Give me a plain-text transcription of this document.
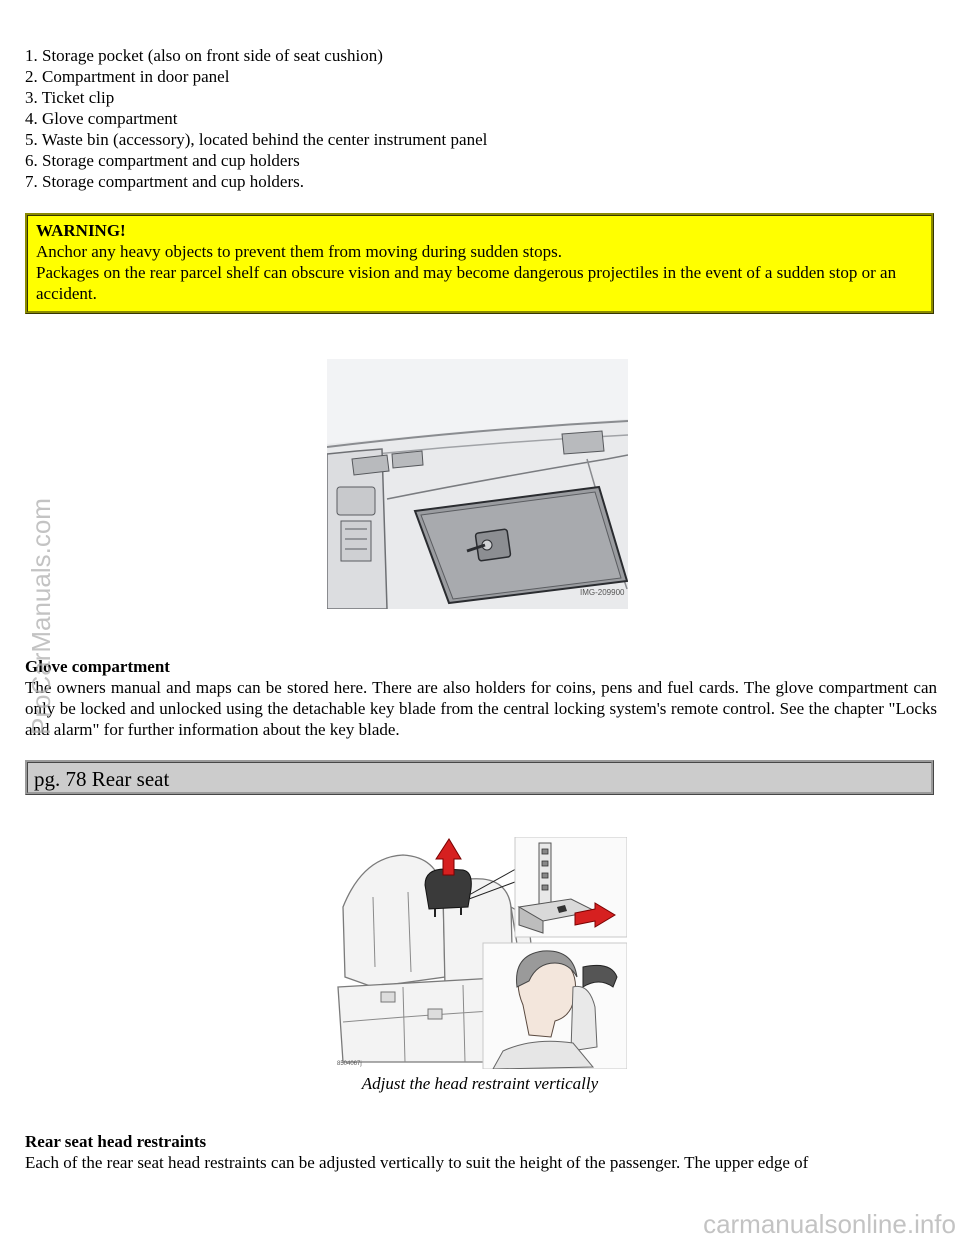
1. Storage pocket (also on front side of seat cushion)
2. Compartment in door panel
3. Ticket clip
4. Glove compartment
5. Waste bin (accessory), located behind the center instrument panel
6. Storage compartment and cup holders
7. Storage compartment and cup holders.
WARNING!
Anchor any heavy objects to prevent them from moving during sudden stops.
Packages on the rear parcel shelf can obscure vision and may become dangerous projectiles in the event of a sudden stop or an accident.
IMG-209900
Glove compartment
The owners manual and maps can be stored here. There are also holders for coins, pens and fuel cards. The glove compartment can only be locked and unlocked using the detachable key blade from the central locking system's remote control. See the chapter "Locks and alarm" for further information about the key blade.
pg. 78 Rear seat
8504067j
Adjust the head restraint vertically
Rear seat head restraints
Each of the rear seat head restraints can be adjusted vertically to suit the height of the passenger. The upper edge of
ProCarManuals.com
carmanualsonline.info
